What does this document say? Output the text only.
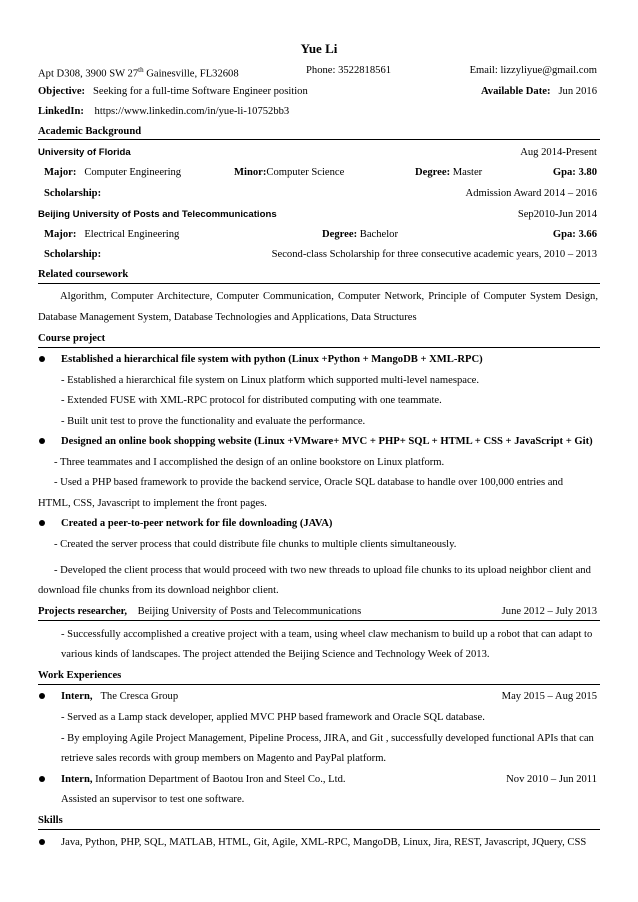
Yue Li
Apt D308, 3900 SW 27th Gainesville, FL32608	Phone: 3522818561	Email: lizzyliyue@gmail.com
Objective: Seeking for a full-time Software Engineer position	Available Date: Jun 2016
LinkedIn: https://www.linkedin.com/in/yue-li-10752bb3
Academic Background
University of Florida	Aug 2014-Present
Major: Computer Engineering	Minor:Computer Science	Degree: Master	Gpa: 3.80
Scholarship:	Admission Award 2014 – 2016
Beijing University of Posts and Telecommunications	Sep2010-Jun 2014
Major: Electrical Engineering	Degree: Bachelor	Gpa: 3.66
Scholarship:	Second-class Scholarship for three consecutive academic years, 2010 – 2013
Related coursework
Algorithm, Computer Architecture, Computer Communication, Computer Network, Principle of Computer System Design,
Database Management System, Database Technologies and Applications, Data Structures
Course project
Established a hierarchical file system with python (Linux +Python + MangoDB + XML-RPC)
- Established a hierarchical file system on Linux platform which supported multi-level namespace.
- Extended FUSE with XML-RPC protocol for distributed computing with one teammate.
- Built unit test to prove the functionality and evaluate the performance.
Designed an online book shopping website (Linux +VMware+ MVC + PHP+ SQL + HTML + CSS + JavaScript + Git)
- Three teammates and I accomplished the design of an online bookstore on Linux platform.
- Used a PHP based framework to provide the backend service, Oracle SQL database to handle over 100,000 entries and
HTML, CSS, Javascript to implement the front pages.
Created a peer-to-peer network for file downloading (JAVA)
- Created the server process that could distribute file chunks to multiple clients simultaneously.
- Developed the client process that would proceed with two new threads to upload file chunks to its upload neighbor client and
download file chunks from its download neighbor client.
Projects researcher, Beijing University of Posts and Telecommunications	June 2012 – July 2013
- Successfully accomplished a creative project with a team, using wheel claw mechanism to build up a robot that can adapt to
various kinds of landscapes. The project attended the Beijing Science and Technology Week of 2013.
Work Experiences
Intern, The Cresca Group	May 2015 – Aug 2015
- Served as a Lamp stack developer, applied MVC PHP based framework and Oracle SQL database.
- By employing Agile Project Management, Pipeline Process, JIRA, and Git , successfully developed functional APIs that can
retrieve sales records with group members on Magento and PayPal platform.
Intern, Information Department of Baotou Iron and Steel Co., Ltd.	Nov 2010 – Jun 2011
Assisted an supervisor to test one software.
Skills
Java, Python, PHP, SQL, MATLAB, HTML, Git, Agile, XML-RPC, MangoDB, Linux, Jira, REST, Javascript, JQuery, CSS
